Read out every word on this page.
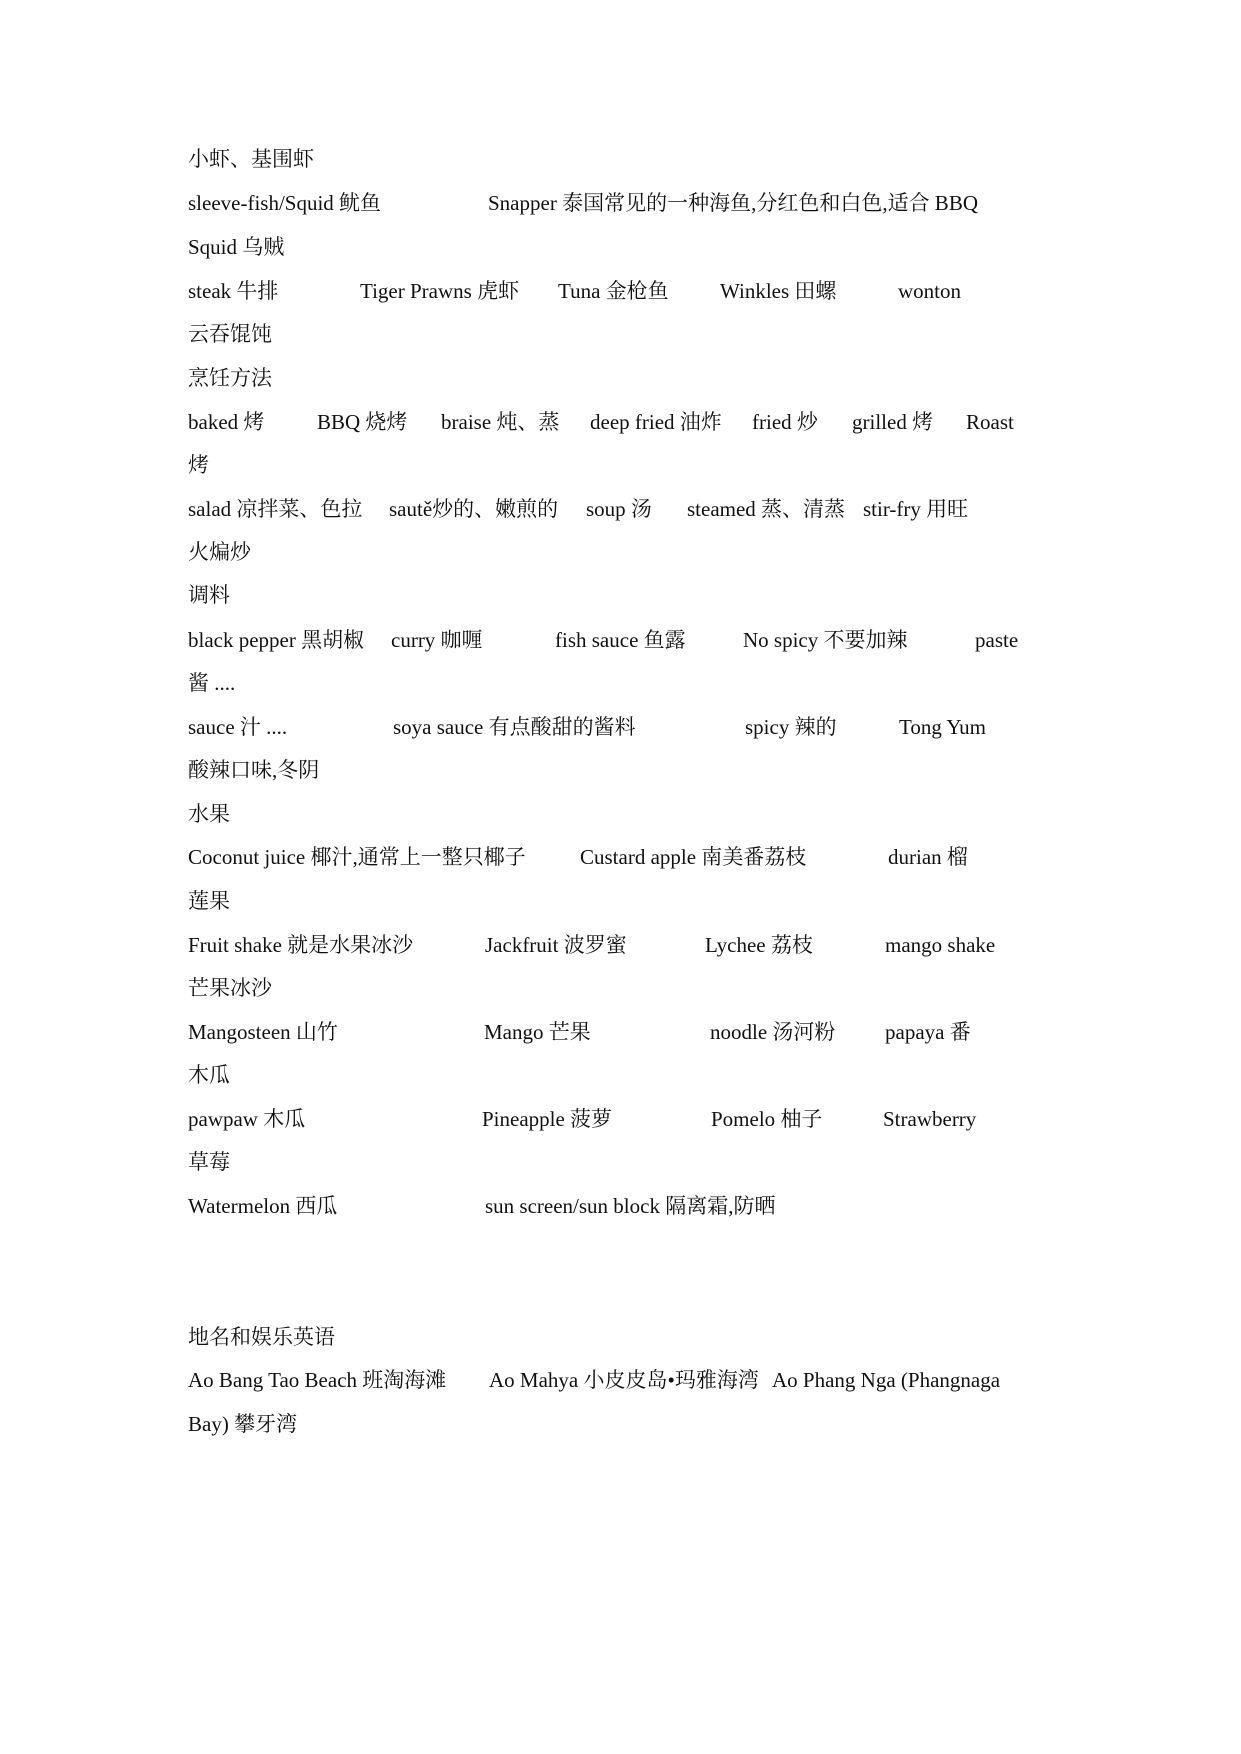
小虾、基围虾
sleeve-fish/Squid 鱿鱼	Snapper 泰国常见的一种海鱼,分红色和白色,适合 BBQ
Squid 乌贼
steak 牛排	Tiger Prawns 虎虾 Tuna 金枪鱼 Winkles 田螺	wonton
云吞馄饨
烹饪方法
baked 烤	BBQ 烧烤 braise 炖、蒸 deep fried 油炸 fried 炒 grilled 烤 Roast
烤
salad 凉拌菜、色拉 sautě炒的、嫩煎的 soup 汤 steamed 蒸、清蒸 stir-fry 用旺
火煸炒
调料
black pepper 黑胡椒 curry 咖喱	fish sauce 鱼露	No spicy 不要加辣	paste
酱 ....
sauce 汁 ....	soya sauce 有点酸甜的酱料	spicy 辣的	Tong Yum
酸辣口味,冬阴
水果
Coconut juice 椰汁,通常上一整只椰子	Custard apple 南美番荔枝	durian 榴
莲果
Fruit shake 就是水果冰沙	Jackfruit 波罗蜜	Lychee 荔枝	mango shake
芒果冰沙
Mangosteen 山竹	Mango 芒果	noodle 汤河粉 papaya 番
木瓜
pawpaw 木瓜	Pineapple 菠萝	Pomelo 柚子	Strawberry
草莓
Watermelon 西瓜	sun screen/sun block 隔离霜,防晒
地名和娱乐英语
Ao Bang Tao Beach 班淘海滩 Ao Mahya 小皮皮岛•玛雅海湾 Ao Phang Nga (Phangnaga
Bay) 攀牙湾
